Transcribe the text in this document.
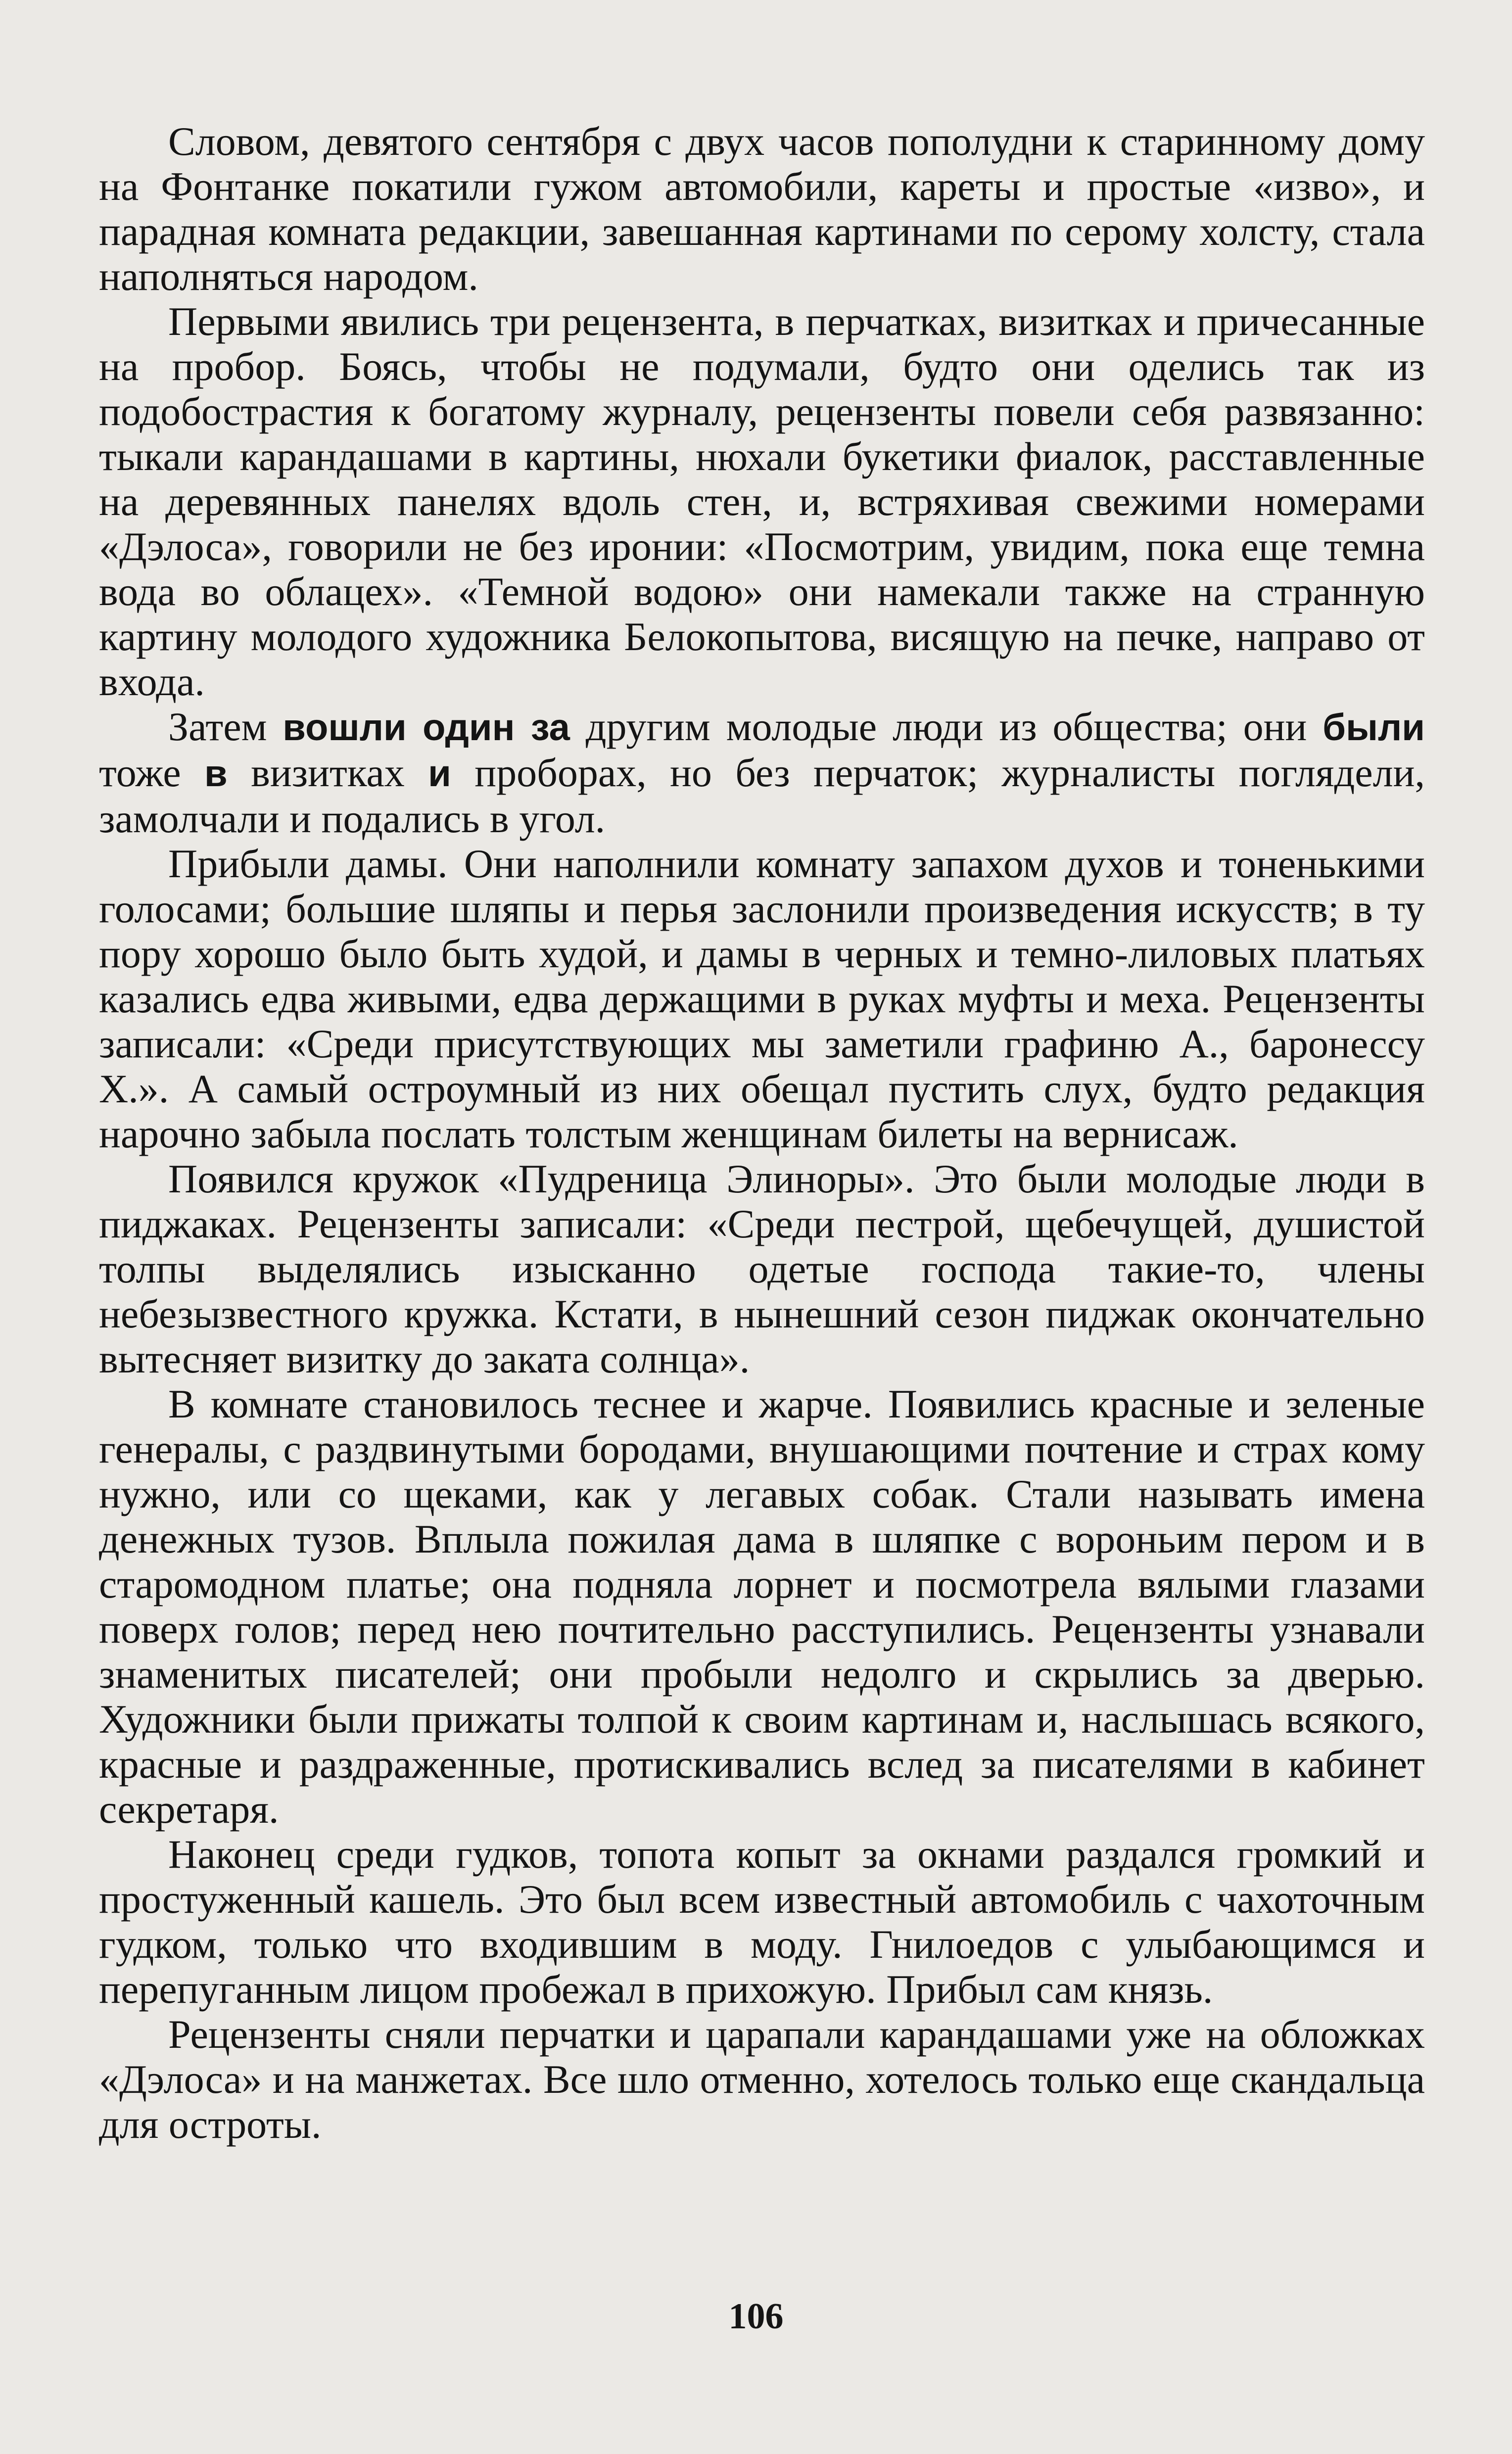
Словом, девятого сентября с двух часов пополудни к старинному дому на Фонтанке покатили гужом автомобили, кареты и простые «изво», и парадная комната редакции, завешанная картинами по серому холсту, стала наполняться народом.

Первыми явились три рецензента, в перчатках, визитках и причесанные на пробор. Боясь, чтобы не подумали, будто они оделись так из подобострастия к богатому журналу, рецензенты повели себя развязанно: тыкали карандашами в картины, нюхали букетики фиалок, расставленные на деревянных панелях вдоль стен, и, встряхивая свежими номерами «Дэлоса», говорили не без иронии: «Посмотрим, увидим, пока еще темна вода во облацех». «Темной водою» они намекали также на странную картину молодого художника Белокопытова, висящую на печке, направо от входа.

Затем вошли один за другим молодые люди из общества; они были тоже в визитках и проборах, но без перчаток; журналисты поглядели, замолчали и подались в угол.

Прибыли дамы. Они наполнили комнату запахом духов и тоненькими голосами; большие шляпы и перья заслонили произведения искусств; в ту пору хорошо было быть худой, и дамы в черных и темно-лиловых платьях казались едва живыми, едва держащими в руках муфты и меха. Рецензенты записали: «Среди присутствующих мы заметили графиню А., баронессу Х.». А самый остроумный из них обещал пустить слух, будто редакция нарочно забыла послать толстым женщинам билеты на вернисаж.

Появился кружок «Пудреница Элиноры». Это были молодые люди в пиджаках. Рецензенты записали: «Среди пестрой, щебечущей, душистой толпы выделялись изысканно одетые господа такие-то, члены небезызвестного кружка. Кстати, в нынешний сезон пиджак окончательно вытесняет визитку до заката солнца».

В комнате становилось теснее и жарче. Появились красные и зеленые генералы, с раздвинутыми бородами, внушающими почтение и страх кому нужно, или со щеками, как у легавых собак. Стали называть имена денежных тузов. Вплыла пожилая дама в шляпке с вороньим пером и в старомодном платье; она подняла лорнет и посмотрела вялыми глазами поверх голов; перед нею почтительно расступились. Рецензенты узнавали знаменитых писателей; они пробыли недолго и скрылись за дверью. Художники были прижаты толпой к своим картинам и, наслышась всякого, красные и раздраженные, протискивались вслед за писателями в кабинет секретаря.

Наконец среди гудков, топота копыт за окнами раздался громкий и простуженный кашель. Это был всем известный автомобиль с чахоточным гудком, только что входившим в моду. Гнилоедов с улыбающимся и перепуганным лицом пробежал в прихожую. Прибыл сам князь.

Рецензенты сняли перчатки и царапали карандашами уже на обложках «Дэлоса» и на манжетах. Все шло отменно, хотелось только еще скандальца для остроты.

106
